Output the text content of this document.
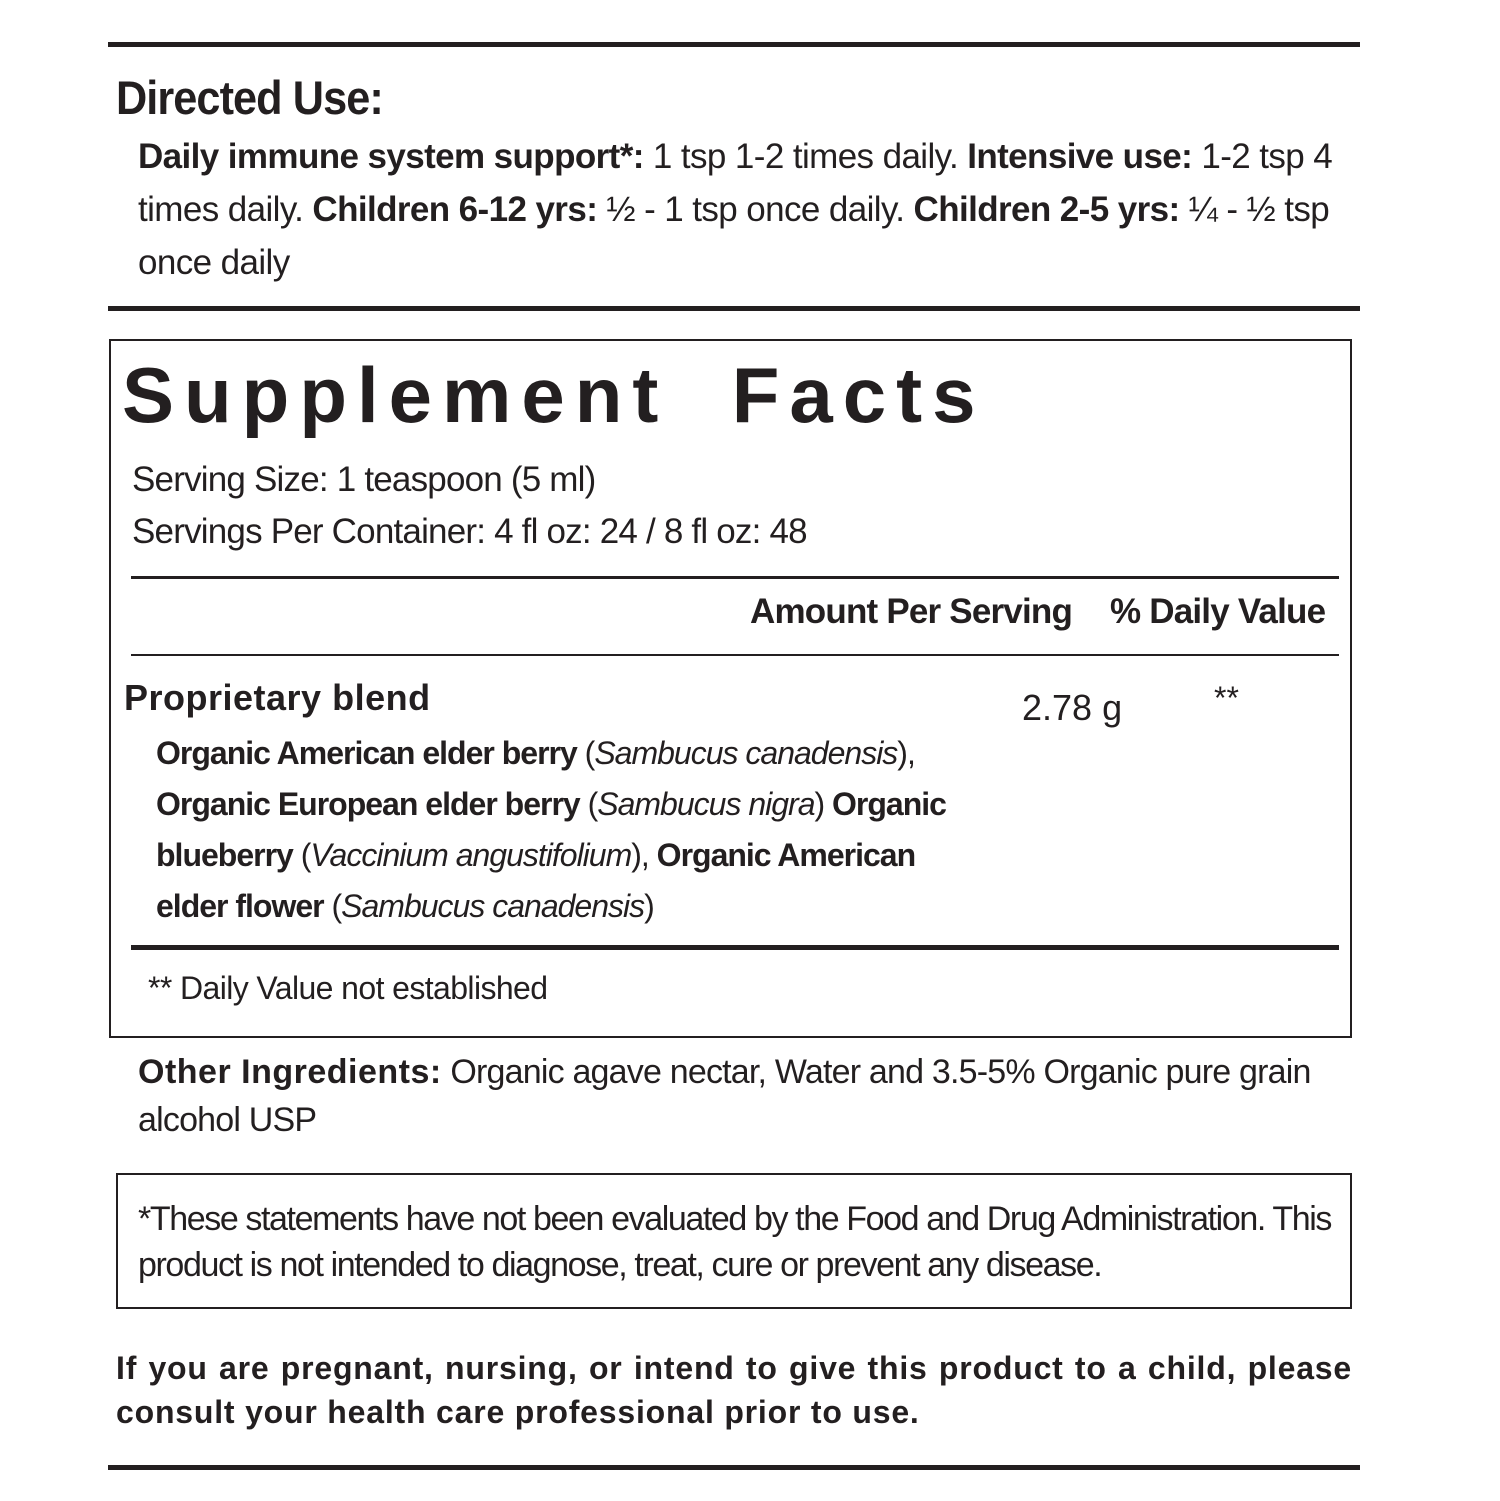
Directed Use:
Daily immune system support*: 1 tsp 1-2 times daily. Intensive use: 1-2 tsp 4 times daily. Children 6-12 yrs: ½ - 1 tsp once daily. Children 2-5 yrs: ¼ - ½ tsp once daily
Supplement  Facts
Serving Size: 1 teaspoon (5 ml)
Servings Per Container: 4 fl oz: 24 / 8 fl oz: 48
Amount Per Serving % Daily Value
Proprietary blend	2.78 g	**
Organic American elder berry (Sambucus canadensis), Organic European elder berry (Sambucus nigra) Organic blueberry (Vaccinium angustifolium), Organic American elder flower (Sambucus canadensis)
** Daily Value not established
Other Ingredients: Organic agave nectar, Water and 3.5-5% Organic pure grain alcohol USP
*These statements have not been evaluated by the Food and Drug Administration. This product is not intended to diagnose, treat, cure or prevent any disease.
If you are pregnant, nursing, or intend to give this product to a child, please consult your health care professional prior to use.
